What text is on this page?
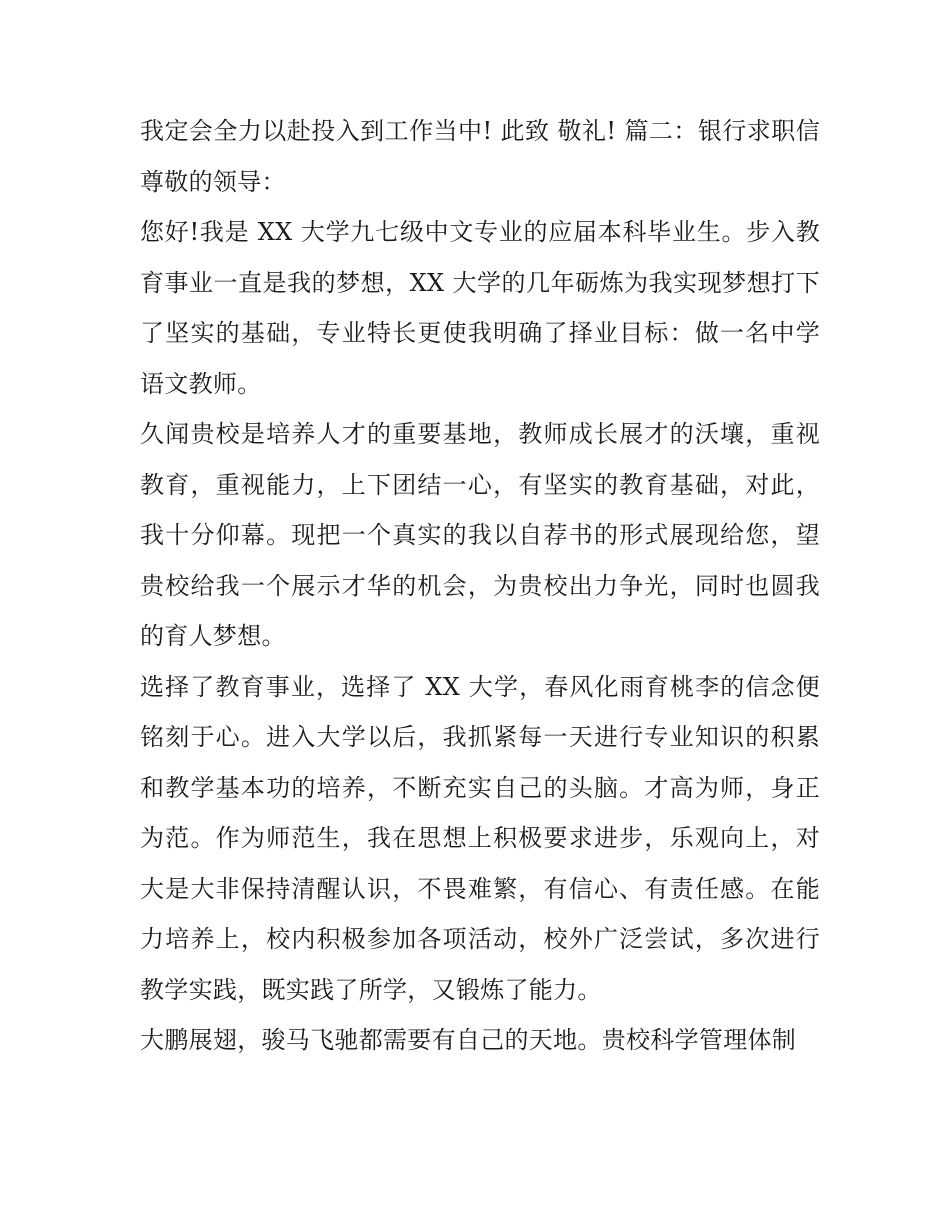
我定会全力以赴投入到工作当中! 此致 敬礼! 篇二：银行求职信 尊敬的领导：

您好!我是 XX 大学九七级中文专业的应届本科毕业生。步入教育事业一直是我的梦想，XX 大学的几年砺炼为我实现梦想打下了坚实的基础，专业特长更使我明确了择业目标：做一名中学语文教师。

久闻贵校是培养人才的重要基地，教师成长展才的沃壤，重视教育，重视能力，上下团结一心，有坚实的教育基础，对此，我十分仰幕。现把一个真实的我以自荐书的形式展现给您，望贵校给我一个展示才华的机会，为贵校出力争光，同时也圆我的育人梦想。

选择了教育事业，选择了 XX 大学，春风化雨育桃李的信念便铭刻于心。进入大学以后，我抓紧每一天进行专业知识的积累和教学基本功的培养，不断充实自己的头脑。才高为师，身正为范。作为师范生，我在思想上积极要求进步，乐观向上，对大是大非保持清醒认识，不畏难繁，有信心、有责任感。在能力培养上，校内积极参加各项活动，校外广泛尝试，多次进行教学实践，既实践了所学，又锻炼了能力。

大鹏展翅，骏马飞驰都需要有自己的天地。贵校科学管理体制
